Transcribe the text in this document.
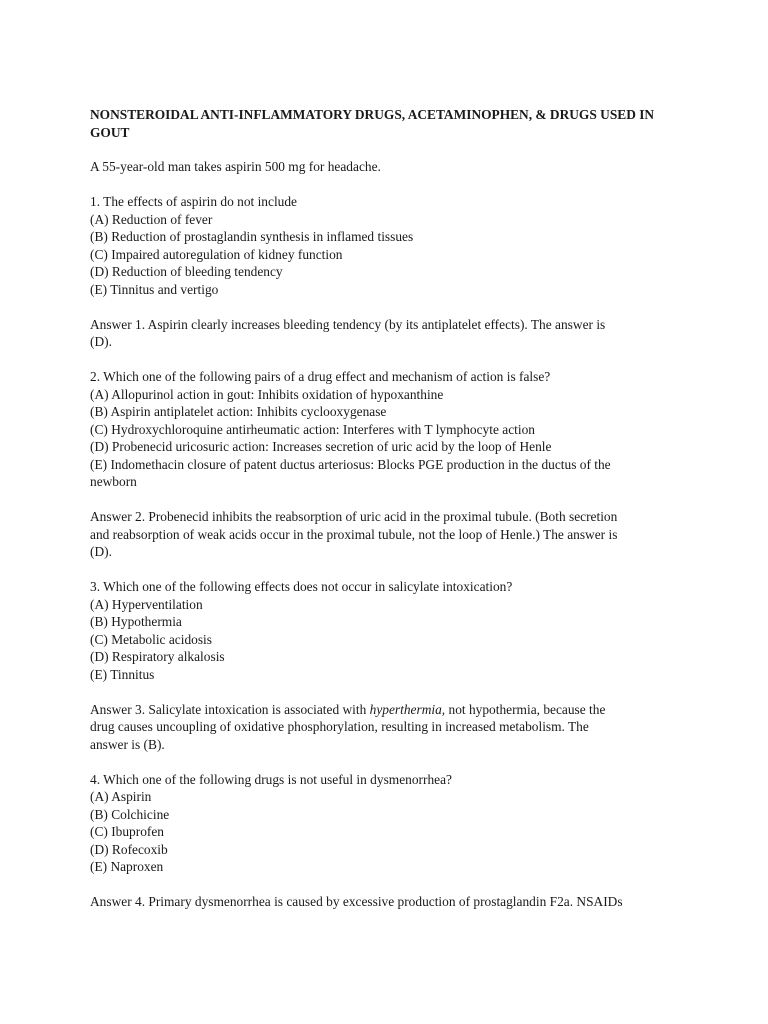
NONSTEROIDAL ANTI-INFLAMMATORY DRUGS, ACETAMINOPHEN, & DRUGS USED IN GOUT
A 55-year-old man takes aspirin 500 mg for headache.
1. The effects of aspirin do not include
(A) Reduction of fever
(B) Reduction of prostaglandin synthesis in inflamed tissues
(C) Impaired autoregulation of kidney function
(D) Reduction of bleeding tendency
(E) Tinnitus and vertigo
Answer 1. Aspirin clearly increases bleeding tendency (by its antiplatelet effects). The answer is
(D).
2. Which one of the following pairs of a drug effect and mechanism of action is false?
(A) Allopurinol action in gout: Inhibits oxidation of hypoxanthine
(B) Aspirin antiplatelet action: Inhibits cyclooxygenase
(C) Hydroxychloroquine antirheumatic action: Interferes with T lymphocyte action
(D) Probenecid uricosuric action: Increases secretion of uric acid by the loop of Henle
(E) Indomethacin closure of patent ductus arteriosus: Blocks PGE production in the ductus of the
newborn
Answer 2. Probenecid inhibits the reabsorption of uric acid in the proximal tubule. (Both secretion
and reabsorption of weak acids occur in the proximal tubule, not the loop of Henle.) The answer is
(D).
3. Which one of the following effects does not occur in salicylate intoxication?
(A) Hyperventilation
(B) Hypothermia
(C) Metabolic acidosis
(D) Respiratory alkalosis
(E) Tinnitus
Answer 3. Salicylate intoxication is associated with hyperthermia, not hypothermia, because the
drug causes uncoupling of oxidative phosphorylation, resulting in increased metabolism. The
answer is (B).
4. Which one of the following drugs is not useful in dysmenorrhea?
(A) Aspirin
(B) Colchicine
(C) Ibuprofen
(D) Rofecoxib
(E) Naproxen
Answer 4. Primary dysmenorrhea is caused by excessive production of prostaglandin F2a. NSAIDs
